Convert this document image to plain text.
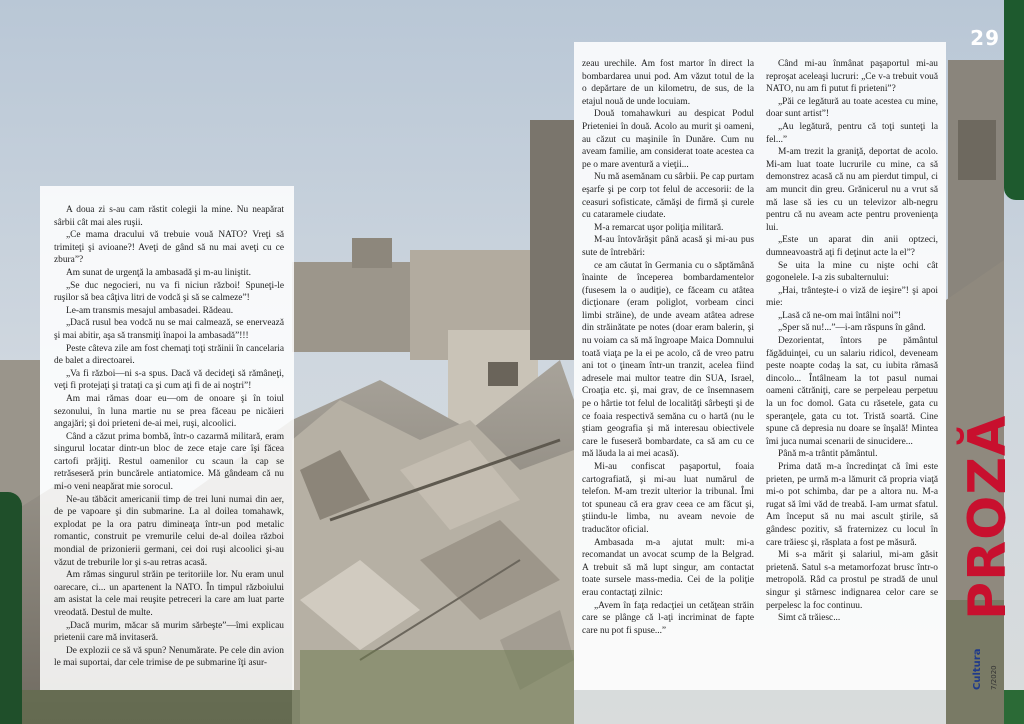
29

A doua zi s-au cam răstit colegii la mine. Nu neapărat sârbii cât mai ales ruşii.

„Ce mama dracului vă trebuie vouă NATO? Vreţi să trimiteţi şi avioane?! Aveţi de gând să nu mai aveţi cu ce zbura”?

Am sunat de urgenţă la ambasadă şi m-au liniştit.

„Se duc negocieri, nu va fi niciun război! Spuneţi-le ruşilor să bea câţiva litri de vodcă şi să se calmeze”!

Le-am transmis mesajul ambasadei. Rădeau.

„Dacă rusul bea vodcă nu se mai calmează, se enervează şi mai abitir, aşa să transmiţi înapoi la ambasadă”!!!

Peste câteva zile am fost chemaţi toţi străinii în cancelaria de balet a directoarei.

„Va fi război—ni s-a spus. Dacă vă decideţi să rămâneţi, veţi fi protejaţi şi trataţi ca şi cum aţi fi de ai noştri”!

Am mai rămas doar eu—om de onoare şi în toiul sezonului, în luna martie nu se prea făceau pe nicăieri angajări; şi doi prieteni de-ai mei, ruşi, alcoolici.

Când a căzut prima bombă, într-o cazarmă militară, eram singurul locatar dintr-un bloc de zece etaje care îşi făcea cartofi prăjiţi. Restul oamenilor cu scaun la cap se retrăseseră prin buncărele antiatomice. Mă gândeam că nu mi-o veni neapărat mie sorocul.

Ne-au tăbăcit americanii timp de trei luni numai din aer, de pe vapoare şi din submarine. La al doilea tomahawk, explodat pe la ora patru dimineaţa într-un pod metalic romantic, construit pe vremurile celui de-al doilea război mondial de prizonierii germani, cei doi ruşi alcoolici şi-au văzut de treburile lor şi s-au retras acasă.

Am rămas singurul străin pe teritoriile lor. Nu eram unul oarecare, ci... un apartenent la NATO. În timpul războiului am asistat la cele mai reuşite petreceri la care am luat parte vreodată. Destul de multe.

„Dacă murim, măcar să murim sărbeşte”—îmi explicau prietenii care mă invitaseră.

De explozii ce să vă spun? Nenumărate. Pe cele din avion le mai suportai, dar cele trimise de pe submarine îţi asur-

zeau urechile. Am fost martor în direct la bombardarea unui pod. Am văzut totul de la o depărtare de un kilometru, de sus, de la etajul nouă de unde locuiam.

Două tomahawkuri au despicat Podul Prieteniei în două. Acolo au murit şi oameni, au căzut cu maşinile în Dunăre. Cum nu aveam familie, am considerat toate acestea ca pe o mare aventură a vieţii...

Nu mă asemănam cu sârbii. Pe cap purtam eşarfe şi pe corp tot felul de accesorii: de la ceasuri sofisticate, cămăşi de firmă şi curele cu cataramele ciudate.

M-a remarcat uşor poliţia militară.

M-au întovărăşit până acasă şi mi-au pus sute de întrebări:

ce am căutat în Germania cu o săptămână înainte de începerea bombardamentelor (fusesem la o audiţie), ce făceam cu atâtea dicţionare (eram poliglot, vorbeam cinci limbi străine), de unde aveam atâtea adrese din străinătate pe notes (doar eram balerin, şi nu voiam ca să mă îngroape Maica Domnului toată viaţa pe la ei pe acolo, că de vreo patru ani tot o ţineam într-un tranzit, acelea fiind adresele mai multor teatre din SUA, Israel, Croaţia etc. şi, mai grav, de ce însemnasem pe o hârtie tot felul de localităţi sârbeşti şi de ce foaia respectivă semăna cu o hartă (nu le ştiam geografia şi mă interesau obiectivele care le fuseseră bombardate, ca să am cu ce mă lăuda la ai mei acasă).

Mi-au confiscat paşaportul, foaia cartografiată, şi mi-au luat numărul de telefon. M-am trezit ulterior la tribunal. Îmi tot spuneau că era grav ceea ce am făcut şi, ştiindu-le limba, nu aveam nevoie de traducător oficial.

Ambasada m-a ajutat mult: mi-a recomandat un avocat scump de la Belgrad. A trebuit să mă lupt singur, am contactat toate sursele mass-media. Cei de la poliţie erau contactaţi zilnic:

„Avem în faţa redacţiei un cetăţean străin care se plânge că l-aţi incriminat de fapte care nu pot fi spuse...”

Când mi-au înmânat paşaportul mi-au reproşat aceleaşi lucruri: „Ce v-a trebuit vouă NATO, nu am fi putut fi prieteni”?

„Păi ce legătură au toate acestea cu mine, doar sunt artist”!

„Au legătură, pentru că toţi sunteţi la fel...”

M-am trezit la graniţă, deportat de acolo. Mi-am luat toate lucrurile cu mine, ca să demonstrez acasă că nu am pierdut timpul, ci am muncit din greu. Grănicerul nu a vrut să mă lase să ies cu un televizor alb-negru pentru că nu aveam acte pentru provenienţa lui.

„Este un aparat din anii optzeci, dumneavoastră aţi fi deţinut acte la el”?

Se uita la mine cu nişte ochi cât gogonelele. I-a zis subalternului:

„Hai, trânteşte-i o viză de ieşire”! şi apoi mie:

„Lasă că ne-om mai întâlni noi”!

„Sper să nu!...”—i-am răspuns în gând.

Dezorientat, întors pe pământul făgăduinţei, cu un salariu ridicol, deveneam peste noapte codaş la sat, cu iubita rămasă dincolo... Întâlneam la tot pasul numai oameni cătrăniţi, care se perpeleau perpetuu la un foc domol. Gata cu răsetele, gata cu speranţele, gata cu tot. Tristă soartă. Cine spune că depresia nu doare se înşală! Mintea îmi juca numai scenarii de sinucidere...

Până m-a trântit pământul.

Prima dată m-a încredinţat că îmi este prieten, pe urmă m-a lămurit că propria viaţă mi-o pot schimba, dar pe a altora nu. M-a rugat să îmi văd de treabă. I-am urmat sfatul. Am început să nu mai ascult ştirile, să gândesc pozitiv, să fraternizez cu locul în care trăiesc şi, răsplata a fost pe măsură.

Mi s-a mărit şi salariul, mi-am găsit prietenă. Satul s-a metamorfozat brusc într-o metropolă. Râd ca prostul pe stradă de unul singur şi stârnesc indignarea celor care se perpelesc la foc continuu.

Simt că trăiesc...	PROZĂ
Cultura 7/2020
